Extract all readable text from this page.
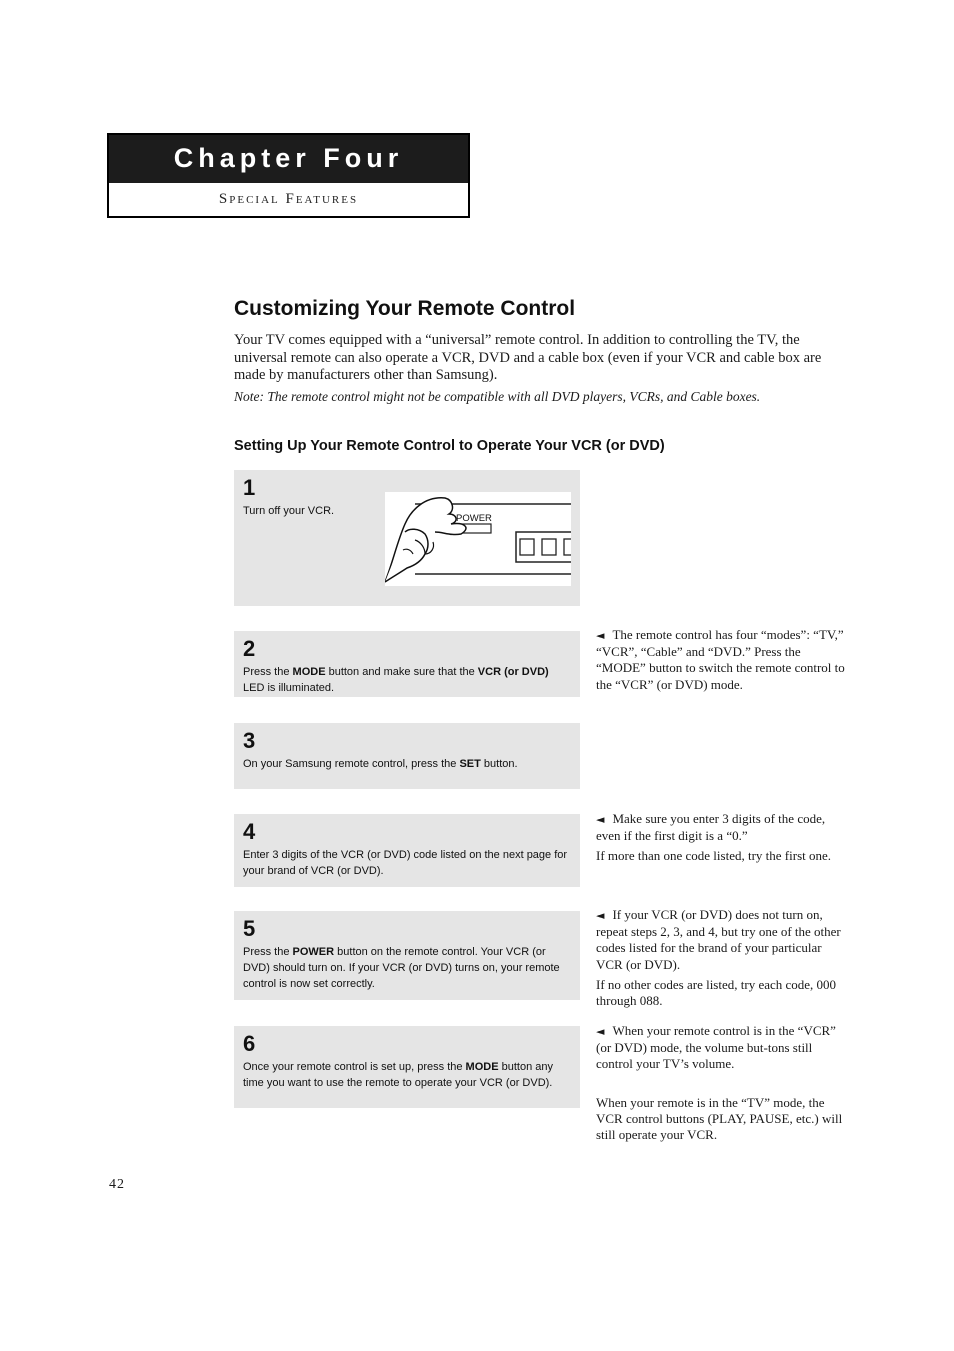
Chapter Four
Special Features
Customizing Your Remote Control

Your TV comes equipped with a “universal” remote control. In addition to controlling the TV, the universal remote can also operate a VCR, DVD and a cable box (even if your VCR and cable box are made by manufacturers other than Samsung).

Note: The remote control might not be compatible with all DVD players, VCRs, and Cable boxes.

Setting Up Your Remote Control to Operate Your VCR (or DVD)
1
Turn off your VCR.
POWER
2
Press the MODE button and make sure that the VCR (or DVD) LED is illuminated.
3
On your Samsung remote control, press the SET button.
4
Enter 3 digits of the VCR (or DVD) code listed on the next page for your brand of VCR (or DVD).
5
Press the POWER button on the remote control. Your VCR (or DVD) should turn on. If your VCR (or DVD) turns on, your remote control is now set correctly.
6
Once your remote control is set up, press the MODE button any time you want to use the remote to operate your VCR (or DVD).

◄ The remote control has four “modes”: “TV,” “VCR”, “Cable” and “DVD.” Press the “MODE” button to switch the remote control to the “VCR” (or DVD) mode.

◄ Make sure you enter 3 digits of the code, even if the first digit is a “0.”

If more than one code listed, try the first one.

◄ If your VCR (or DVD) does not turn on, repeat steps 2, 3, and 4, but try one of the other codes listed for the brand of your particular VCR (or DVD).

If no other codes are listed, try each code, 000 through 088.

◄ When your remote control is in the “VCR” (or DVD) mode, the volume but-tons still control your TV’s volume.

When your remote is in the “TV” mode, the VCR control buttons (PLAY, PAUSE, etc.) will still operate your VCR.

42
